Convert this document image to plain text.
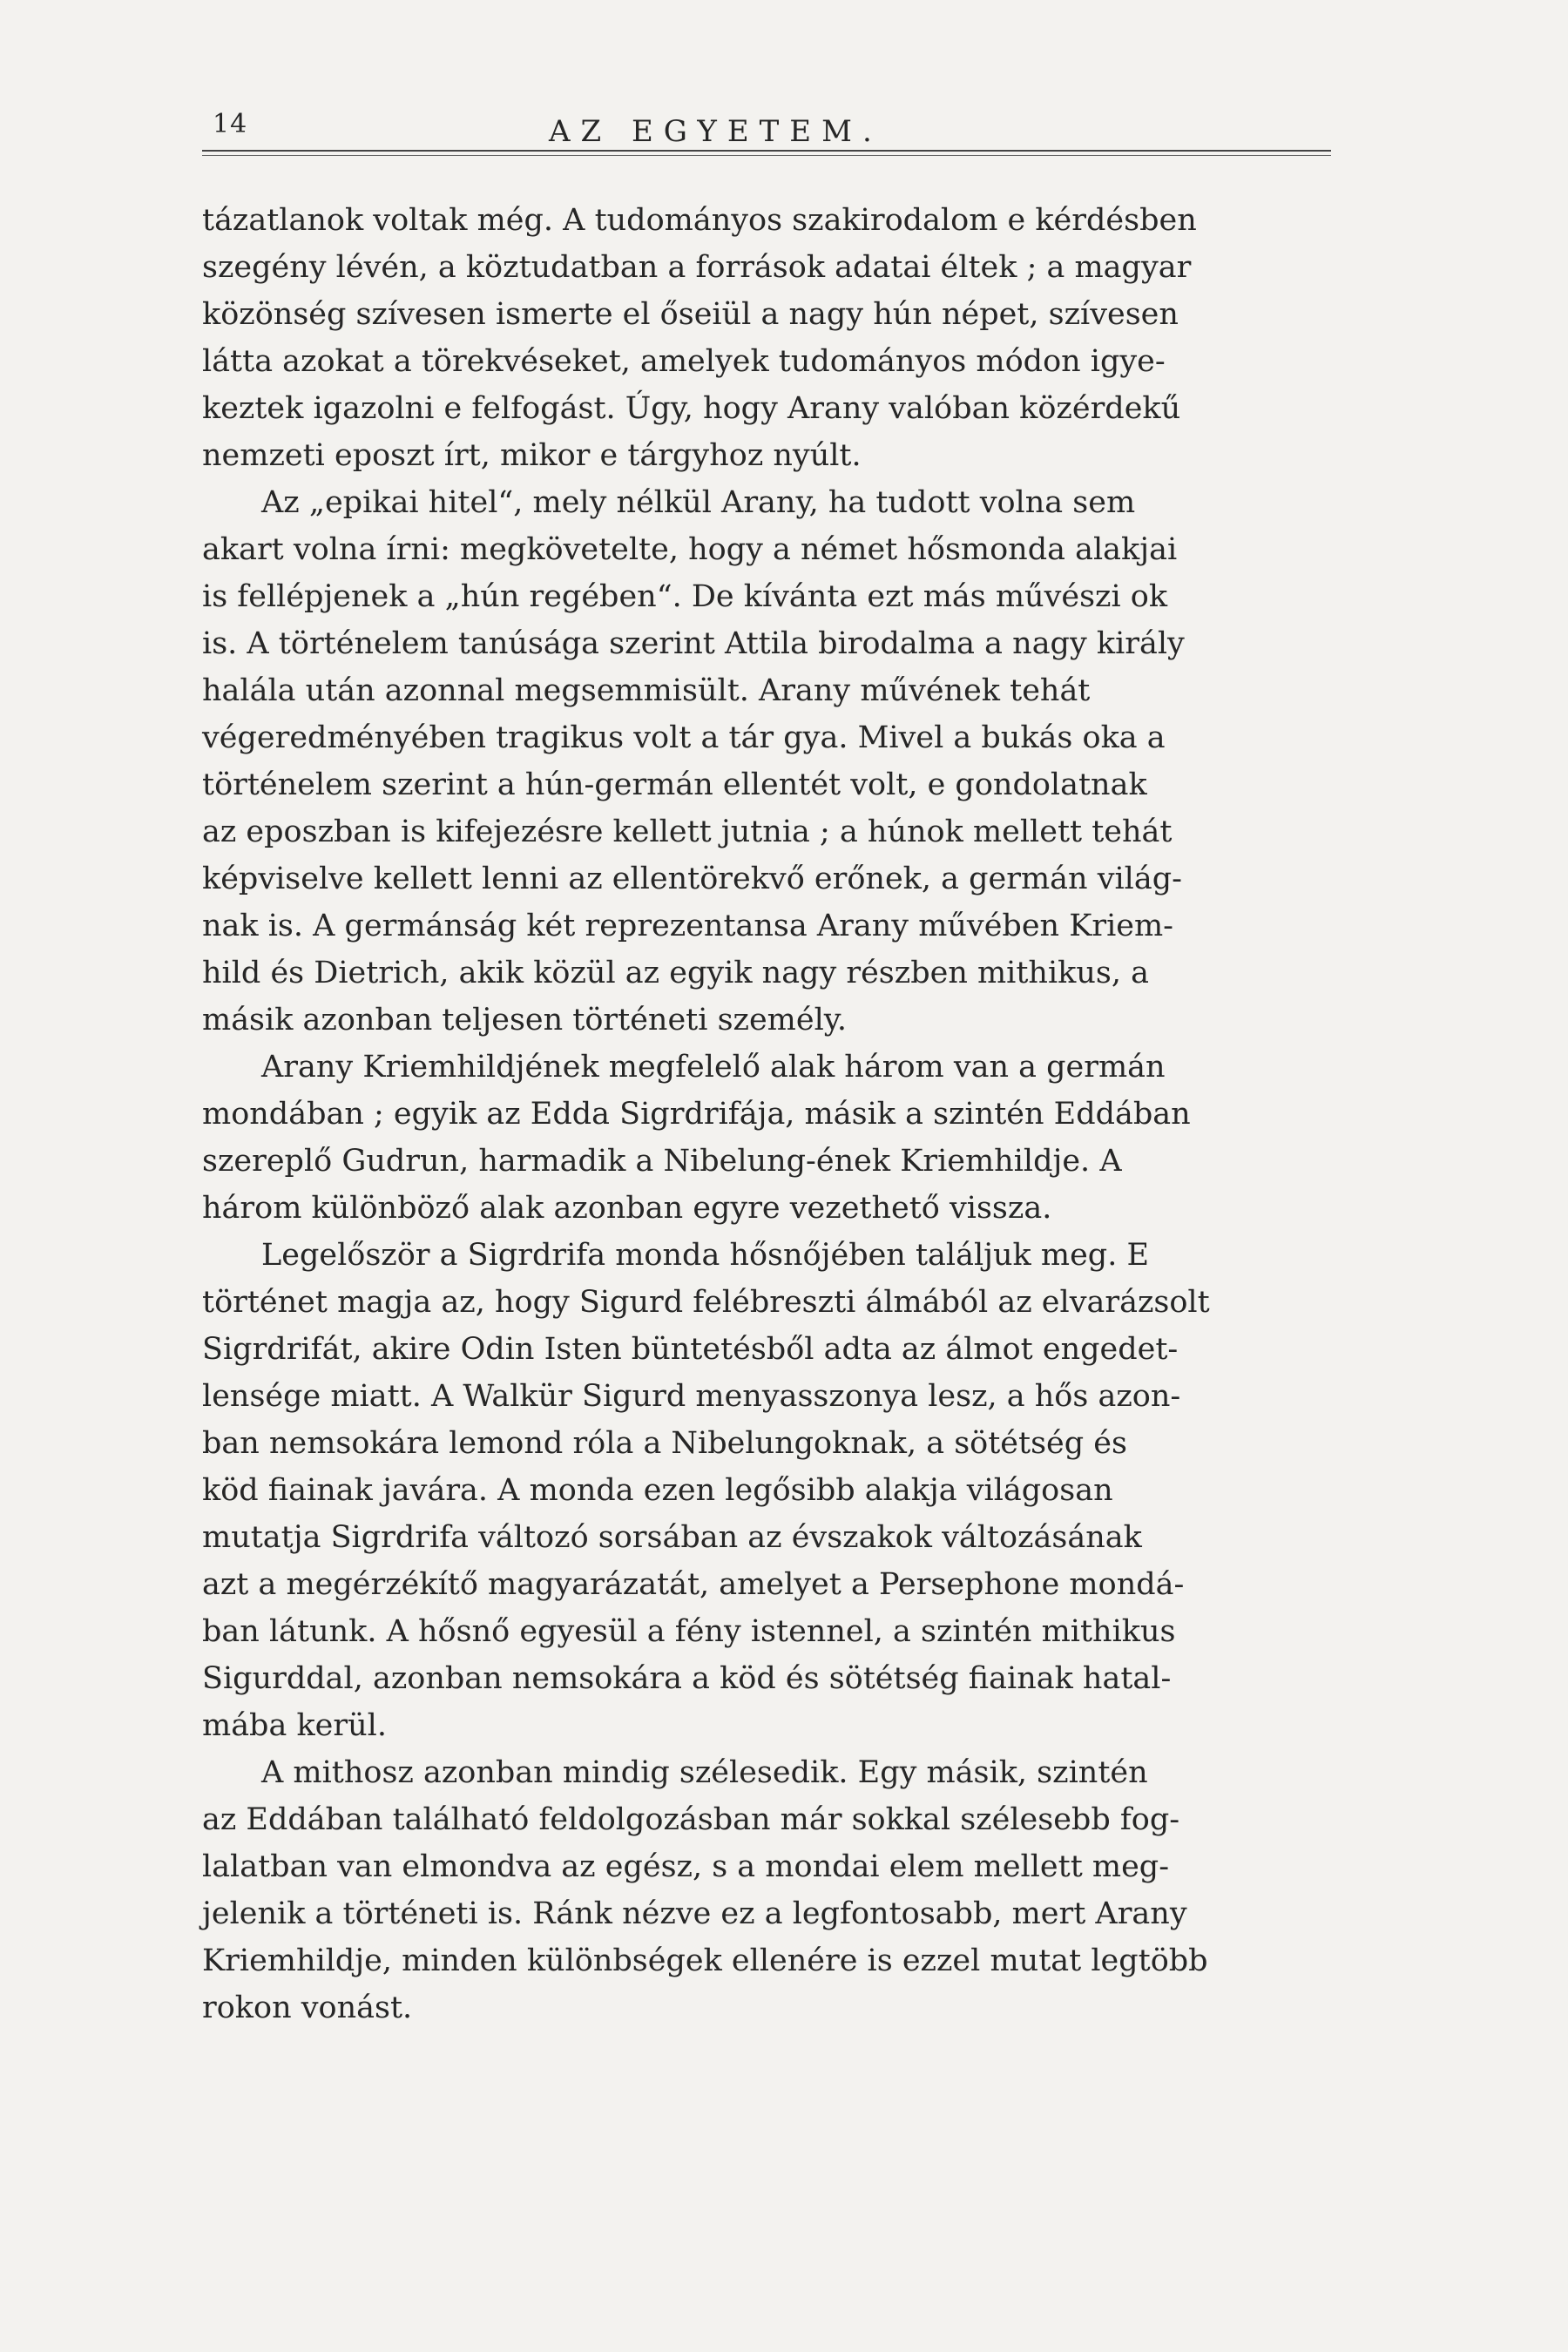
14	AZ EGYETEM.
tázatlanok voltak még. A tudományos szakirodalom e kérdésben
szegény lévén, a köztudatban a források adatai éltek ; a magyar
közönség szívesen ismerte el őseiül a nagy hún népet, szívesen
látta azokat a törekvéseket, amelyek tudományos módon igye-
keztek igazolni e felfogást. Úgy, hogy Arany valóban közérdekű
nemzeti eposzt írt, mikor e tárgyhoz nyúlt.
Az „epikai hitel“, mely nélkül Arany, ha tudott volna sem
akart volna írni: megkövetelte, hogy a német hősmonda alakjai
is fellépjenek a „hún regében“. De kívánta ezt más művészi ok
is. A történelem tanúsága szerint Attila birodalma a nagy király
halála után azonnal megsemmisült. Arany művének tehát
végeredményében tragikus volt a tár gya. Mivel a bukás oka a
történelem szerint a hún-germán ellentét volt, e gondolatnak
az eposzban is kifejezésre kellett jutnia ; a húnok mellett tehát
képviselve kellett lenni az ellentörekvő erőnek, a germán világ-
nak is. A germánság két reprezentansa Arany művében Kriem-
hild és Dietrich, akik közül az egyik nagy részben mithikus, a
másik azonban teljesen történeti személy.
Arany Kriemhildjének megfelelő alak három van a germán
mondában ; egyik az Edda Sigrdrifája, másik a szintén Eddában
szereplő Gudrun, harmadik a Nibelung-ének Kriemhildje. A
három különböző alak azonban egyre vezethető vissza.
Legelőször a Sigrdrifa monda hősnőjében találjuk meg. E
történet magja az, hogy Sigurd felébreszti álmából az elvarázsolt
Sigrdrifát, akire Odin Isten büntetésből adta az álmot engedet-
lensége miatt. A Walkür Sigurd menyasszonya lesz, a hős azon-
ban nemsokára lemond róla a Nibelungoknak, a sötétség és
köd fiainak javára. A monda ezen legősibb alakja világosan
mutatja Sigrdrifa változó sorsában az évszakok változásának
azt a megérzékítő magyarázatát, amelyet a Persephone mondá-
ban látunk. A hősnő egyesül a fény istennel, a szintén mithikus
Sigurddal, azonban nemsokára a köd és sötétség fiainak hatal-
mába kerül.
A mithosz azonban mindig szélesedik. Egy másik, szintén
az Eddában található feldolgozásban már sokkal szélesebb fog-
lalatban van elmondva az egész, s a mondai elem mellett meg-
jelenik a történeti is. Ránk nézve ez a legfontosabb, mert Arany
Kriemhildje, minden különbségek ellenére is ezzel mutat legtöbb
rokon vonást.
